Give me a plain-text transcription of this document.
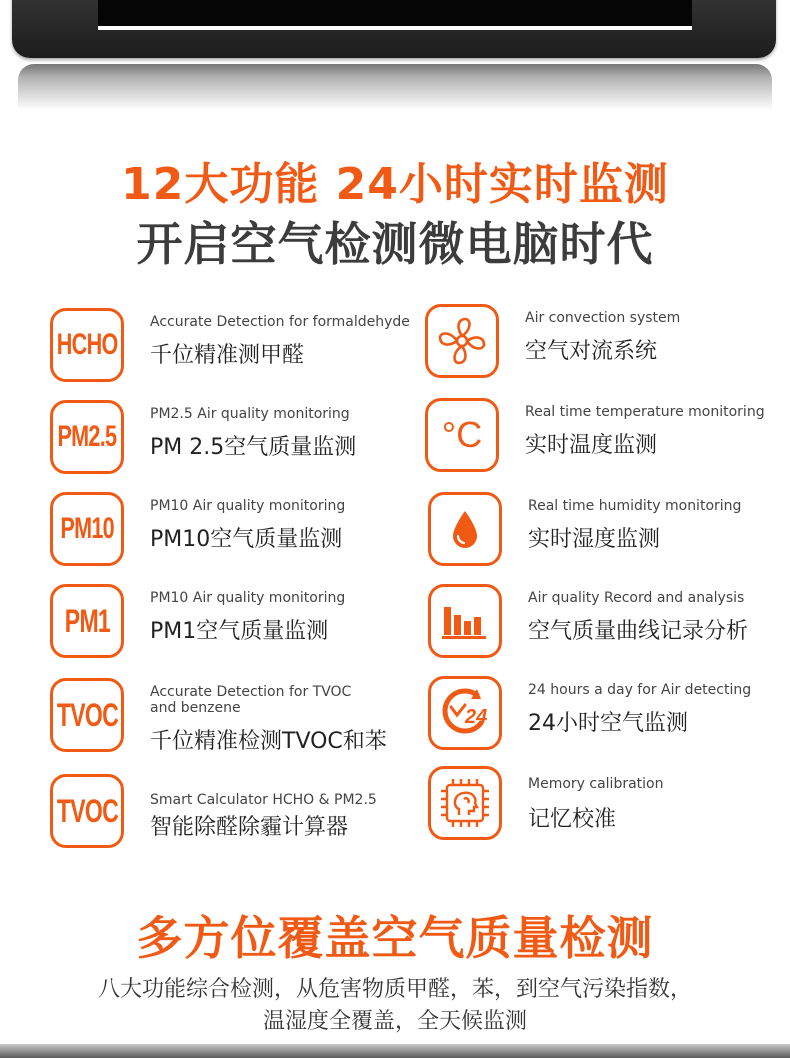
12大功能 24小时实时监测
开启空气检测微电脑时代
HCHO
Accurate Detection for formaldehyde
千位精准测甲醛
PM2.5
PM2.5 Air quality monitoring
PM 2.5空气质量监测
PM10
PM10 Air quality monitoring
PM10空气质量监测
PM1
PM10 Air quality monitoring
PM1空气质量监测
TVOC
Accurate Detection for TVOC and benzene
千位精准检测TVOC和苯
TVOC Smart Calculator HCHO & PM2.5
智能除醛除霾计算器
Air convection system
空气对流系统
°C
Real time temperature monitoring
实时温度监测
Real time humidity monitoring
实时湿度监测
Air quality Record and analysis
空气质量曲线记录分析
24
24 hours a day for Air detecting
24小时空气监测
Memory calibration
记忆校准
多方位覆盖空气质量检测
八大功能综合检测，从危害物质甲醛，苯，到空气污染指数，
温湿度全覆盖，全天候监测
